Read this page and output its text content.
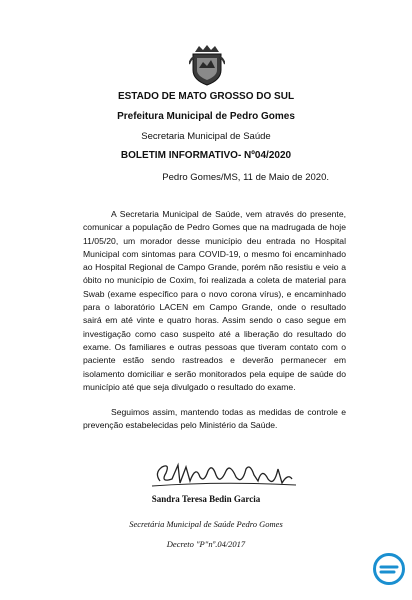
ESTADO DE MATO GROSSO DO SUL
Prefeitura Municipal de Pedro Gomes
Secretaria Municipal de Saúde
BOLETIM INFORMATIVO- Nº04/2020
Pedro Gomes/MS, 11 de Maio de 2020.

A Secretaria Municipal de Saúde, vem através do presente, comunicar a população de Pedro Gomes que na madrugada de hoje 11/05/20, um morador desse município deu entrada no Hospital Municipal com sintomas para COVID-19, o mesmo foi encaminhado ao Hospital Regional de Campo Grande, porém não resistiu e veio a óbito no município de Coxim, foi realizada a coleta de material para Swab (exame específico para o novo corona vírus), e encaminhado para o laboratório LACEN em Campo Grande, onde o resultado sairá em até vinte e quatro horas. Assim sendo o caso segue em investigação como caso suspeito até a liberação do resultado do exame. Os familiares e outras pessoas que tiveram contato com o paciente estão sendo rastreados e deverão permanecer em isolamento domiciliar e serão monitorados pela equipe de saúde do município até que seja divulgado o resultado do exame.

Seguimos assim, mantendo todas as medidas de controle e prevenção estabelecidas pelo Ministério da Saúde.

Sandra Teresa Bedin Garcia
Secretária Municipal de Saúde Pedro Gomes
Decreto "P"nº.04/2017
